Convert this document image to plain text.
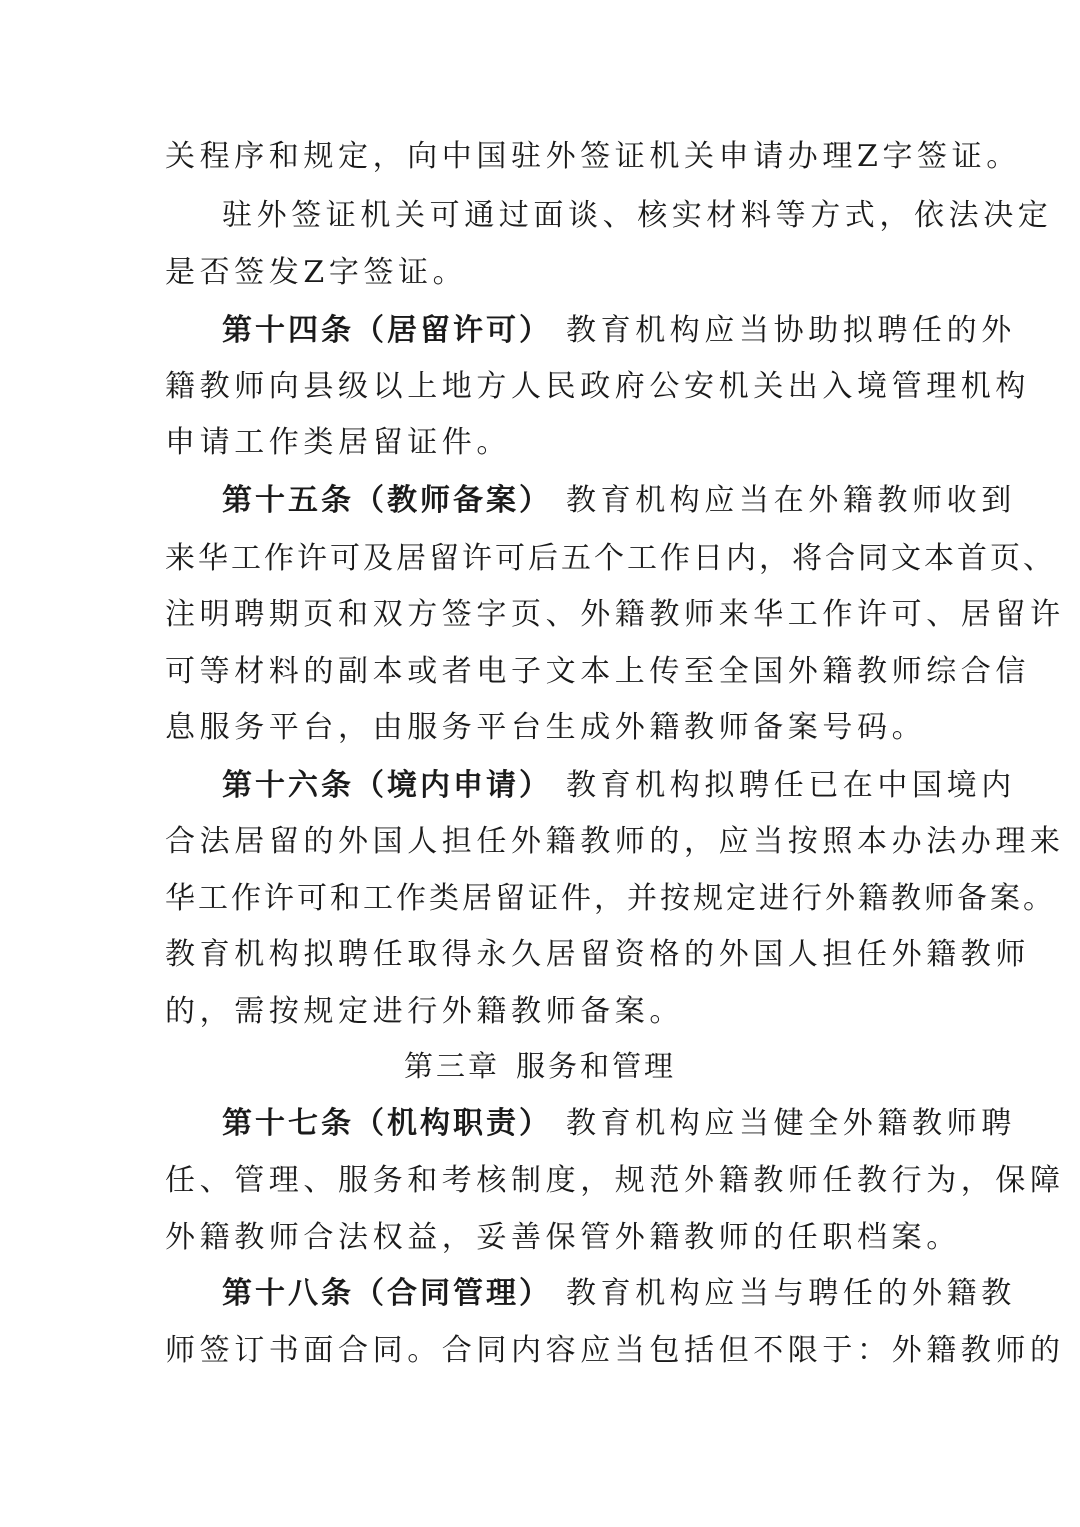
关程序和规定，向中国驻外签证机关申请办理Z字签证。
驻外签证机关可通过面谈、核实材料等方式，依法决定
是否签发Z字签证。
第十四条（居留许可） 教育机构应当协助拟聘任的外
籍教师向县级以上地方人民政府公安机关出入境管理机构
申请工作类居留证件。
第十五条（教师备案） 教育机构应当在外籍教师收到
来华工作许可及居留许可后五个工作日内，将合同文本首页、
注明聘期页和双方签字页、外籍教师来华工作许可、居留许
可等材料的副本或者电子文本上传至全国外籍教师综合信
息服务平台，由服务平台生成外籍教师备案号码。
第十六条（境内申请） 教育机构拟聘任已在中国境内
合法居留的外国人担任外籍教师的，应当按照本办法办理来
华工作许可和工作类居留证件，并按规定进行外籍教师备案。
教育机构拟聘任取得永久居留资格的外国人担任外籍教师
的，需按规定进行外籍教师备案。
第三章 服务和管理
第十七条（机构职责） 教育机构应当健全外籍教师聘
任、管理、服务和考核制度，规范外籍教师任教行为，保障
外籍教师合法权益，妥善保管外籍教师的任职档案。
第十八条（合同管理） 教育机构应当与聘任的外籍教
师签订书面合同。合同内容应当包括但不限于：外籍教师的
